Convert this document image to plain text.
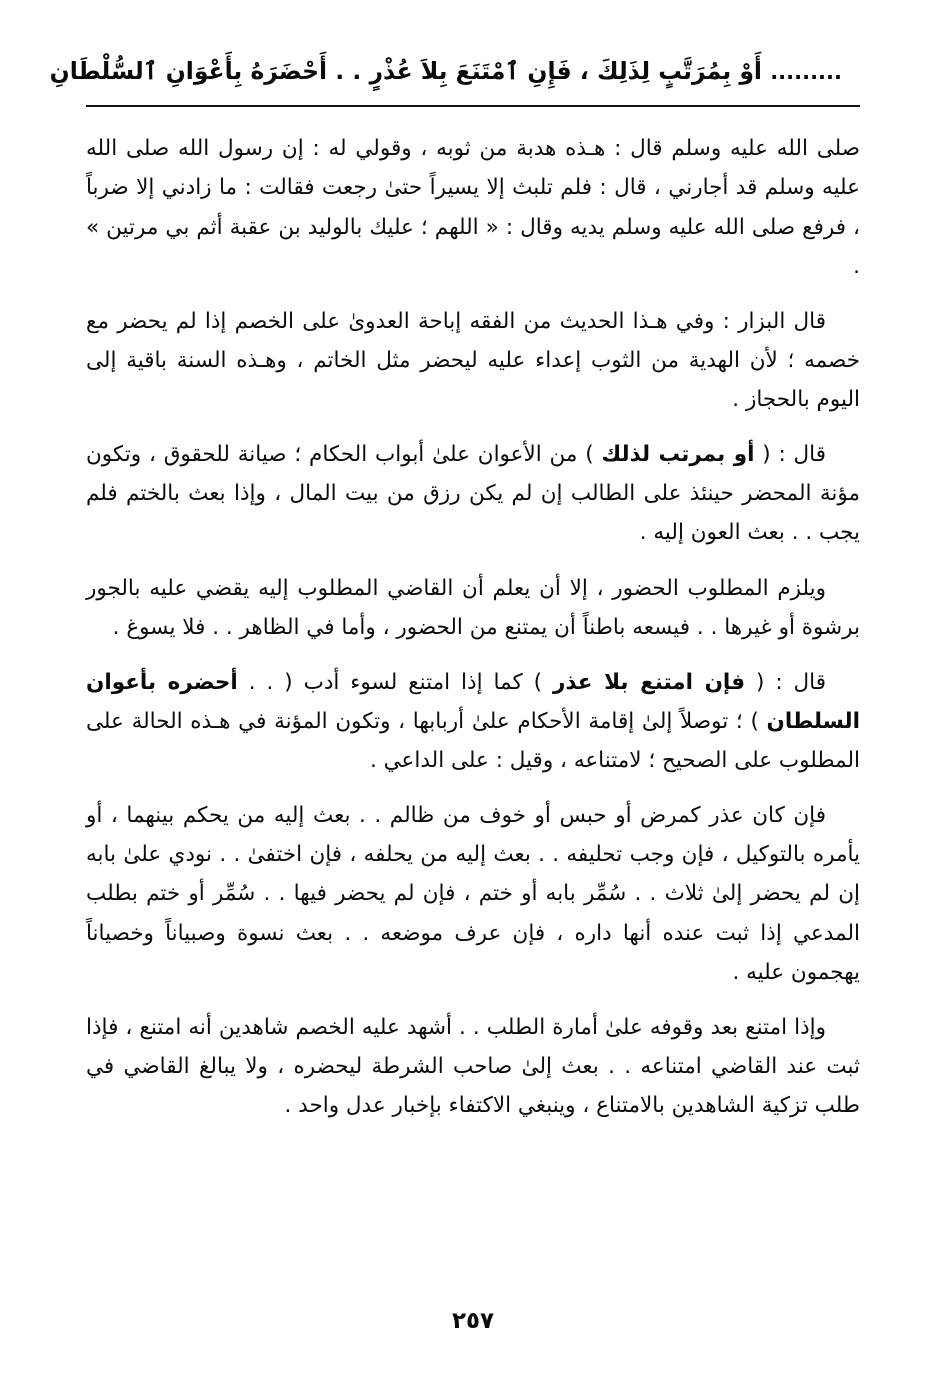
......... أَوْ بِمُرَتَّبٍ لِذَلِكَ ، فَإِنِ ٱمْتَنَعَ بِلاَ عُذْرٍ . . أَحْضَرَهُ بِأَعْوَانِ ٱلسُّلْطَانِ

صلى الله عليه وسلم قال : هـذه هدبة من ثوبه ، وقولي له : إن رسول الله صلى الله عليه وسلم قد أجارني ، قال : فلم تلبث إلا يسيراً حتىٰ رجعت فقالت : ما زادني إلا ضرباً ، فرفع صلى الله عليه وسلم يديه وقال : « اللهم ؛ عليك بالوليد بن عقبة أثم بي مرتين » .

قال البزار : وفي هـذا الحديث من الفقه إباحة العدوىٰ على الخصم إذا لم يحضر مع خصمه ؛ لأن الهدية من الثوب إعداء عليه ليحضر مثل الخاتم ، وهـذه السنة باقية إلى اليوم بالحجاز .

قال : ( أو بمرتب لذلك ) من الأعوان علىٰ أبواب الحكام ؛ صيانة للحقوق ، وتكون مؤنة المحضر حينئذ على الطالب إن لم يكن رزق من بيت المال ، وإذا بعث بالختم فلم يجب . . بعث العون إليه .

ويلزم المطلوب الحضور ، إلا أن يعلم أن القاضي المطلوب إليه يقضي عليه بالجور برشوة أو غيرها . . فيسعه باطناً أن يمتنع من الحضور ، وأما في الظاهر . . فلا يسوغ .

قال : ( فإن امتنع بلا عذر ) كما إذا امتنع لسوء أدب ( . . أحضره بأعوان السلطان ) ؛ توصلاً إلىٰ إقامة الأحكام علىٰ أربابها ، وتكون المؤنة في هـذه الحالة على المطلوب على الصحيح ؛ لامتناعه ، وقيل : على الداعي .

فإن كان عذر كمرض أو حبس أو خوف من ظالم . . بعث إليه من يحكم بينهما ، أو يأمره بالتوكيل ، فإن وجب تحليفه . . بعث إليه من يحلفه ، فإن اختفىٰ . . نودي علىٰ بابه إن لم يحضر إلىٰ ثلاث . . سُمِّر بابه أو ختم ، فإن لم يحضر فيها . . سُمِّر أو ختم بطلب المدعي إذا ثبت عنده أنها داره ، فإن عرف موضعه . . بعث نسوة وصبياناً وخصياناً يهجمون عليه .

وإذا امتنع بعد وقوفه علىٰ أمارة الطلب . . أشهد عليه الخصم شاهدين أنه امتنع ، فإذا ثبت عند القاضي امتناعه . . بعث إلىٰ صاحب الشرطة ليحضره ، ولا يبالغ القاضي في طلب تزكية الشاهدين بالامتناع ، وينبغي الاكتفاء بإخبار عدل واحد .

٢٥٧
